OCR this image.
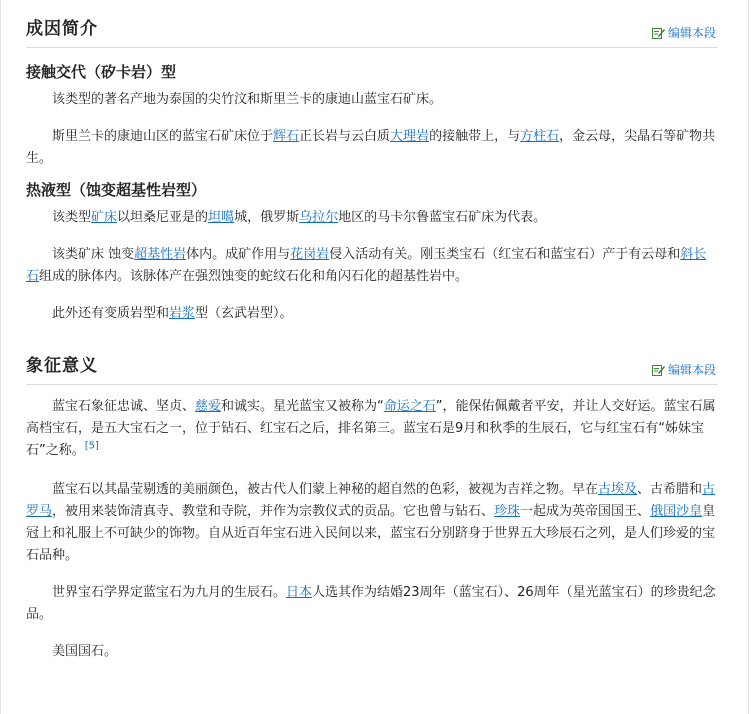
成因简介	编辑本段
接触交代（矽卡岩）型

该类型的著名产地为泰国的尖竹汶和斯里兰卡的康迪山蓝宝石矿床。

斯里兰卡的康迪山区的蓝宝石矿床位于辉石正长岩与云白质大理岩的接触带上，与方柱石，金云母，尖晶石等矿物共生。

热液型（蚀变超基性岩型）

该类型矿床以坦桑尼亚是的坦噶城，俄罗斯乌拉尔地区的马卡尔鲁蓝宝石矿床为代表。

该类矿床 蚀变超基性岩体内。成矿作用与花岗岩侵入活动有关。刚玉类宝石（红宝石和蓝宝石）产于有云母和斜长石组成的脉体内。该脉体产在强烈蚀变的蛇纹石化和角闪石化的超基性岩中。

此外还有变质岩型和岩浆型（玄武岩型）。

象征意义	编辑本段

蓝宝石象征忠诚、坚贞、慈爱和诚实。星光蓝宝又被称为“命运之石”，能保佑佩戴者平安，并让人交好运。蓝宝石属高档宝石，是五大宝石之一，位于钻石、红宝石之后，排名第三。蓝宝石是9月和秋季的生辰石，它与红宝石有“姊妹宝石”之称。[5]

蓝宝石以其晶莹剔透的美丽颜色，被古代人们蒙上神秘的超自然的色彩，被视为吉祥之物。早在古埃及、古希腊和古罗马，被用来装饰清真寺、教堂和寺院，并作为宗教仪式的贡品。它也曾与钻石、珍珠一起成为英帝国国王、俄国沙皇皇冠上和礼服上不可缺少的饰物。自从近百年宝石进入民间以来，蓝宝石分别跻身于世界五大珍辰石之列，是人们珍爱的宝石品种。

世界宝石学界定蓝宝石为九月的生辰石。日本人选其作为结婚23周年（蓝宝石）、26周年（星光蓝宝石）的珍贵纪念品。

美国国石。
